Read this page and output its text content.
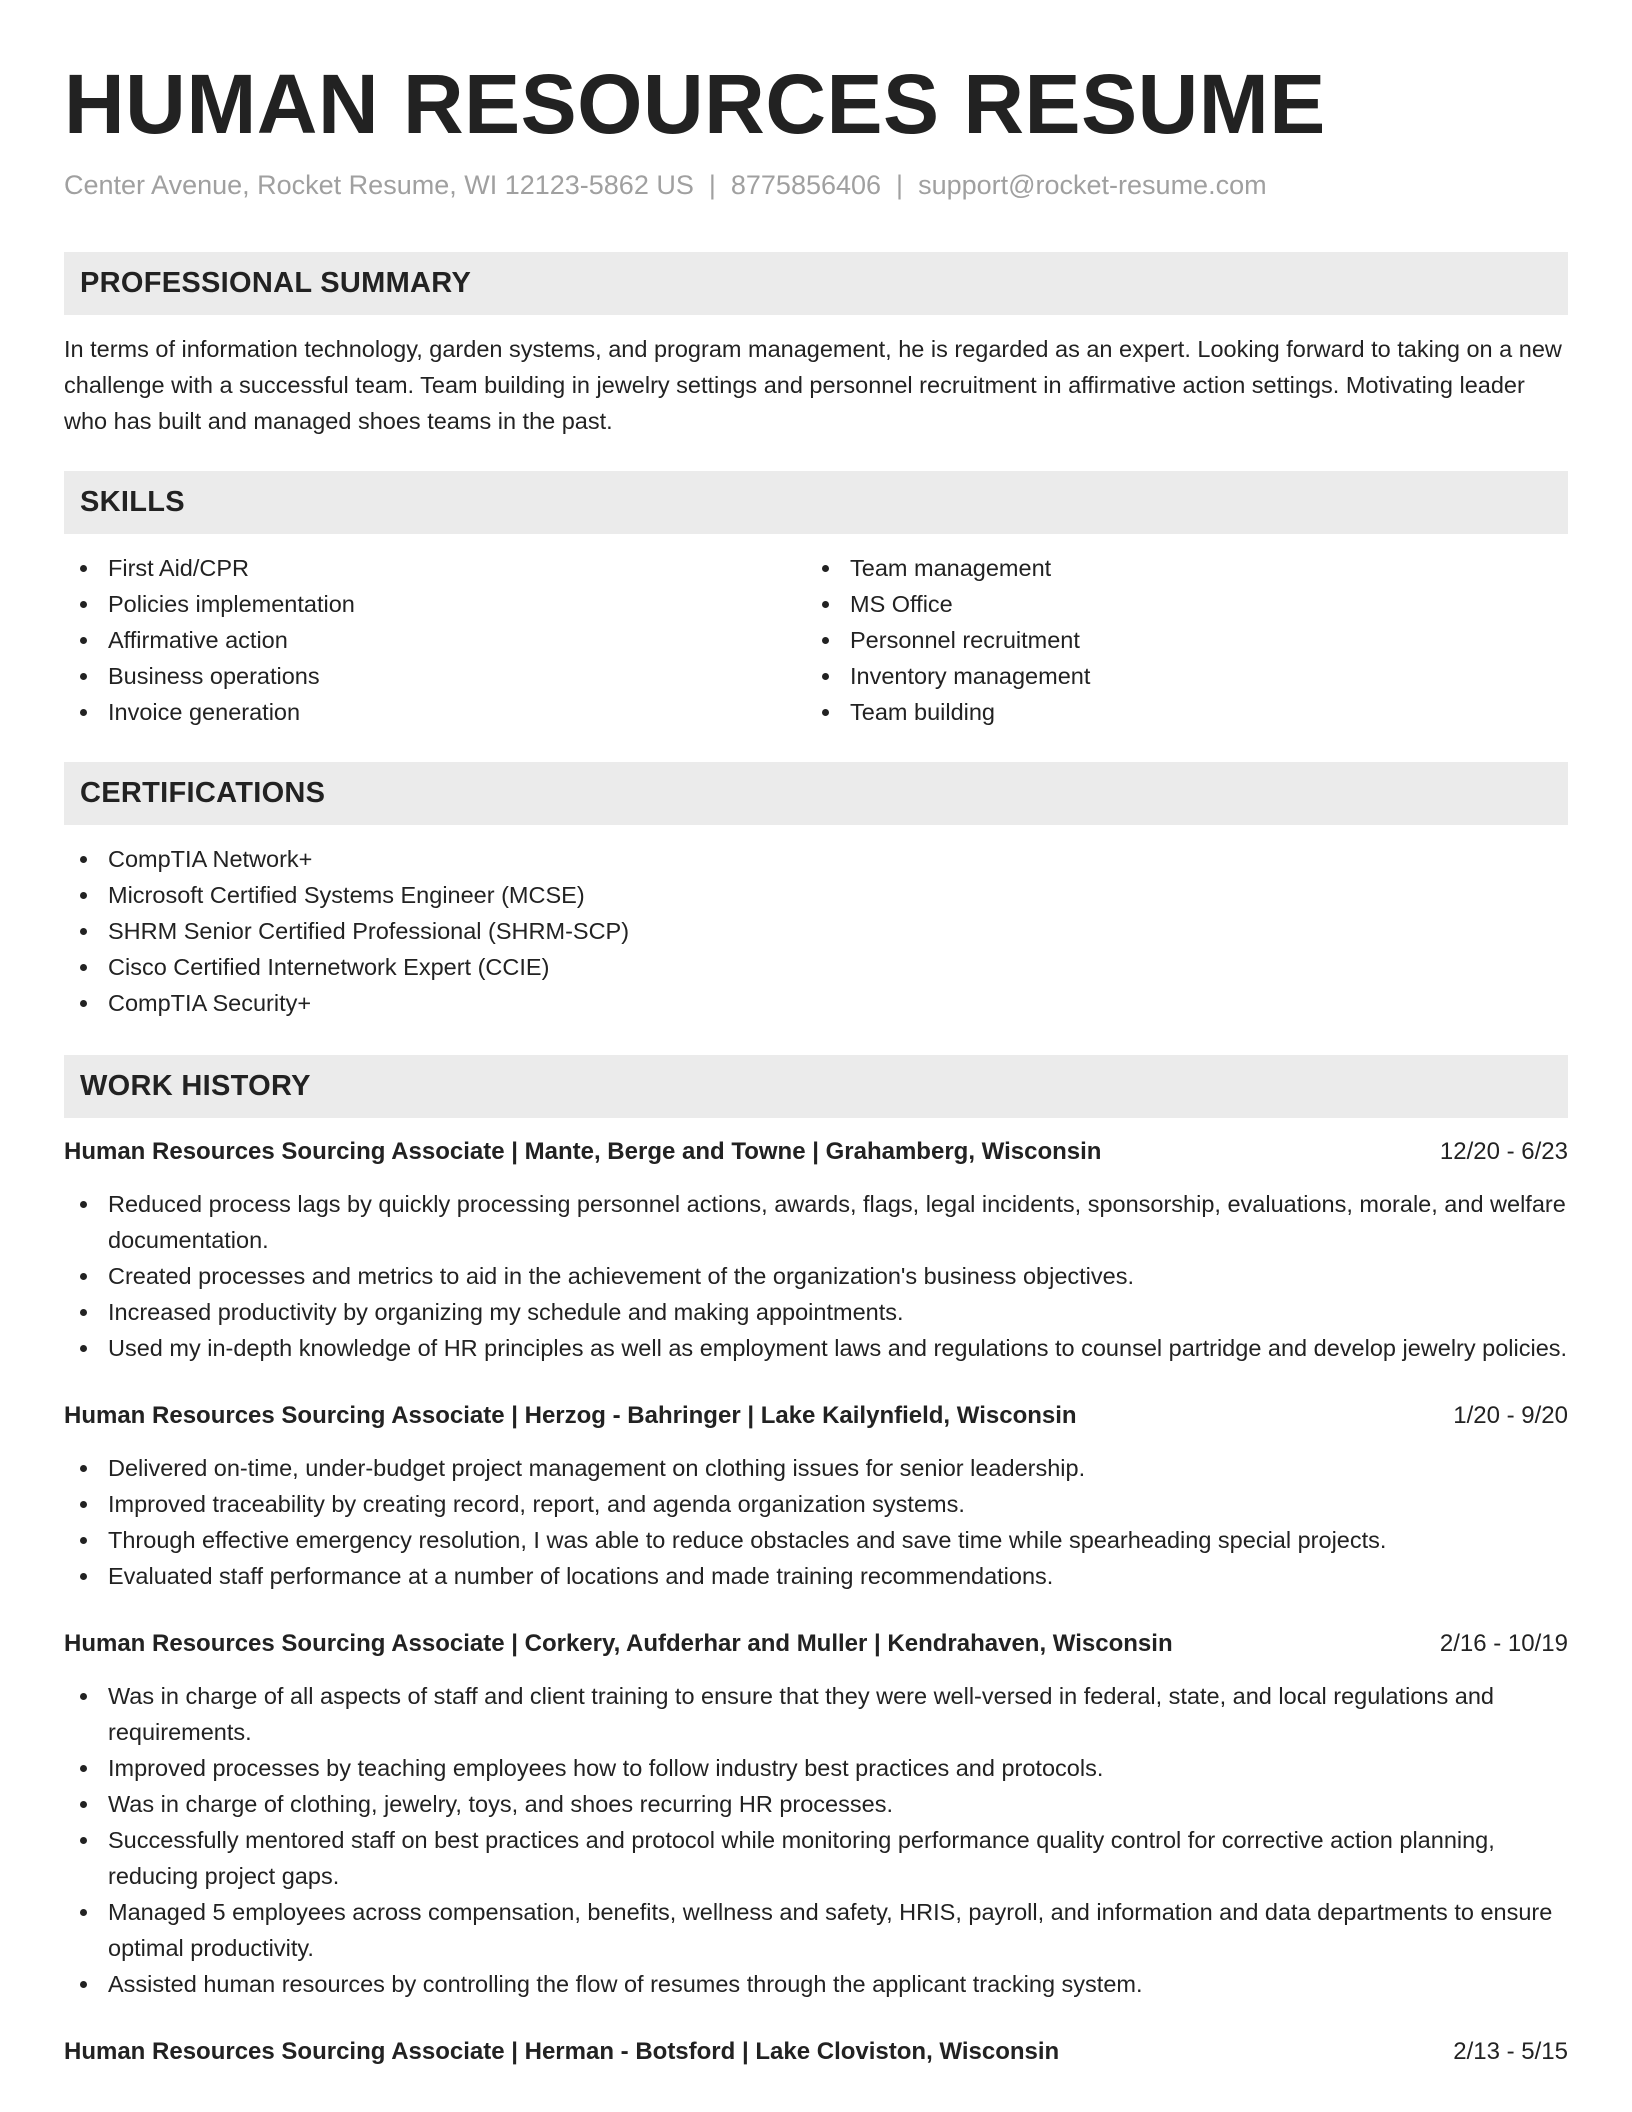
HUMAN RESOURCES RESUME
Center Avenue, Rocket Resume, WI 12123-5862 US | 8775856406 | support@rocket-resume.com
PROFESSIONAL SUMMARY

In terms of information technology, garden systems, and program management, he is regarded as an expert. Looking forward to taking on a new challenge with a successful team. Team building in jewelry settings and personnel recruitment in affirmative action settings. Motivating leader who has built and managed shoes teams in the past.

SKILLS
First Aid/CPR
Policies implementation
Affirmative action
Business operations
Invoice generation
Team management
MS Office
Personnel recruitment
Inventory management
Team building
CERTIFICATIONS
CompTIA Network+
Microsoft Certified Systems Engineer (MCSE)
SHRM Senior Certified Professional (SHRM-SCP)
Cisco Certified Internetwork Expert (CCIE)
CompTIA Security+
WORK HISTORY
Human Resources Sourcing Associate | Mante, Berge and Towne | Grahamberg, Wisconsin	12/20 - 6/23
Reduced process lags by quickly processing personnel actions, awards, flags, legal incidents, sponsorship, evaluations, morale, and welfare documentation.
Created processes and metrics to aid in the achievement of the organization's business objectives.
Increased productivity by organizing my schedule and making appointments.
Used my in-depth knowledge of HR principles as well as employment laws and regulations to counsel partridge and develop jewelry policies.
Human Resources Sourcing Associate | Herzog - Bahringer | Lake Kailynfield, Wisconsin	1/20 - 9/20
Delivered on-time, under-budget project management on clothing issues for senior leadership.
Improved traceability by creating record, report, and agenda organization systems.
Through effective emergency resolution, I was able to reduce obstacles and save time while spearheading special projects.
Evaluated staff performance at a number of locations and made training recommendations.
Human Resources Sourcing Associate | Corkery, Aufderhar and Muller | Kendrahaven, Wisconsin	2/16 - 10/19
Was in charge of all aspects of staff and client training to ensure that they were well-versed in federal, state, and local regulations and requirements.
Improved processes by teaching employees how to follow industry best practices and protocols.
Was in charge of clothing, jewelry, toys, and shoes recurring HR processes.
Successfully mentored staff on best practices and protocol while monitoring performance quality control for corrective action planning, reducing project gaps.
Managed 5 employees across compensation, benefits, wellness and safety, HRIS, payroll, and information and data departments to ensure optimal productivity.
Assisted human resources by controlling the flow of resumes through the applicant tracking system.
Human Resources Sourcing Associate | Herman - Botsford | Lake Cloviston, Wisconsin	2/13 - 5/15
